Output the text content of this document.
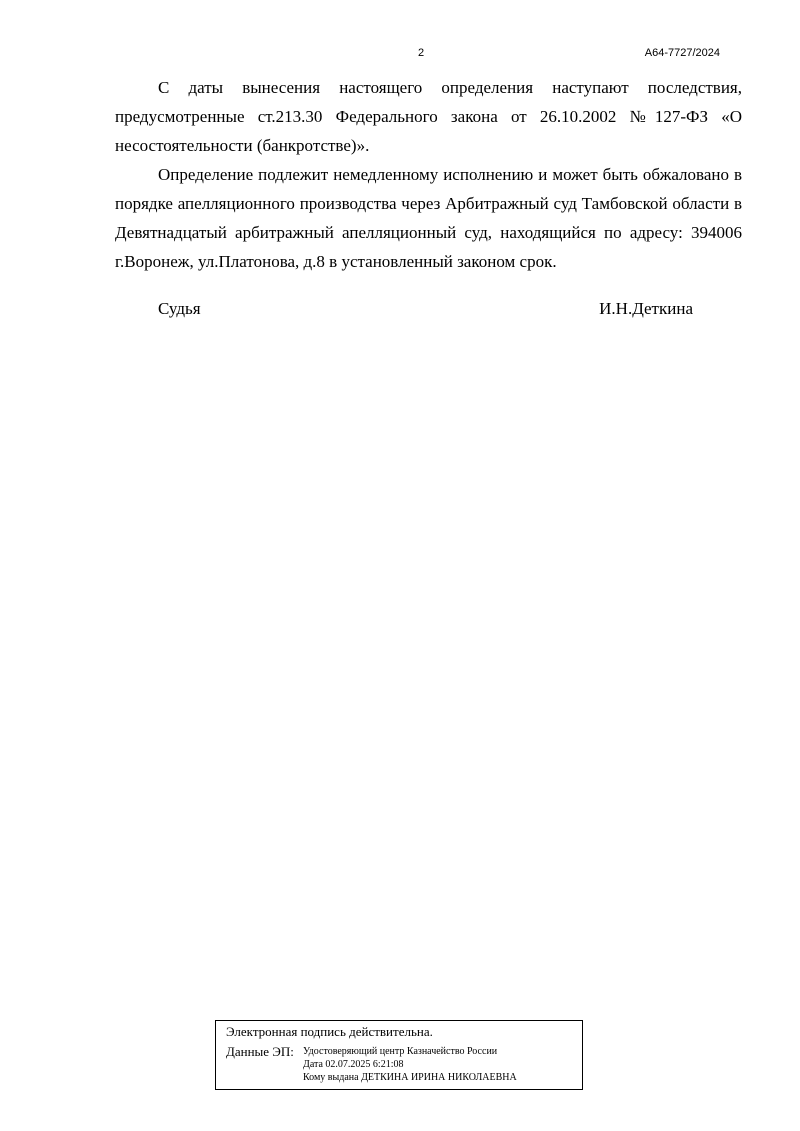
2	А64-7727/2024

С даты вынесения настоящего определения наступают последствия, предусмотренные ст.213.30 Федерального закона от 26.10.2002 №127-ФЗ «О несостоятельности (банкротстве)».

Определение подлежит немедленному исполнению и может быть обжаловано в порядке апелляционного производства через Арбитражный суд Тамбовской области в Девятнадцатый арбитражный апелляционный суд, находящийся по адресу: 394006 г.Воронеж, ул.Платонова, д.8 в установленный законом срок.

Судья	И.Н.Деткина
Электронная подпись действительна.
Данные ЭП: Удостоверяющий центр Казначейство России
Дата 02.07.2025 6:21:08
Кому выдана ДЕТКИНА ИРИНА НИКОЛАЕВНА
